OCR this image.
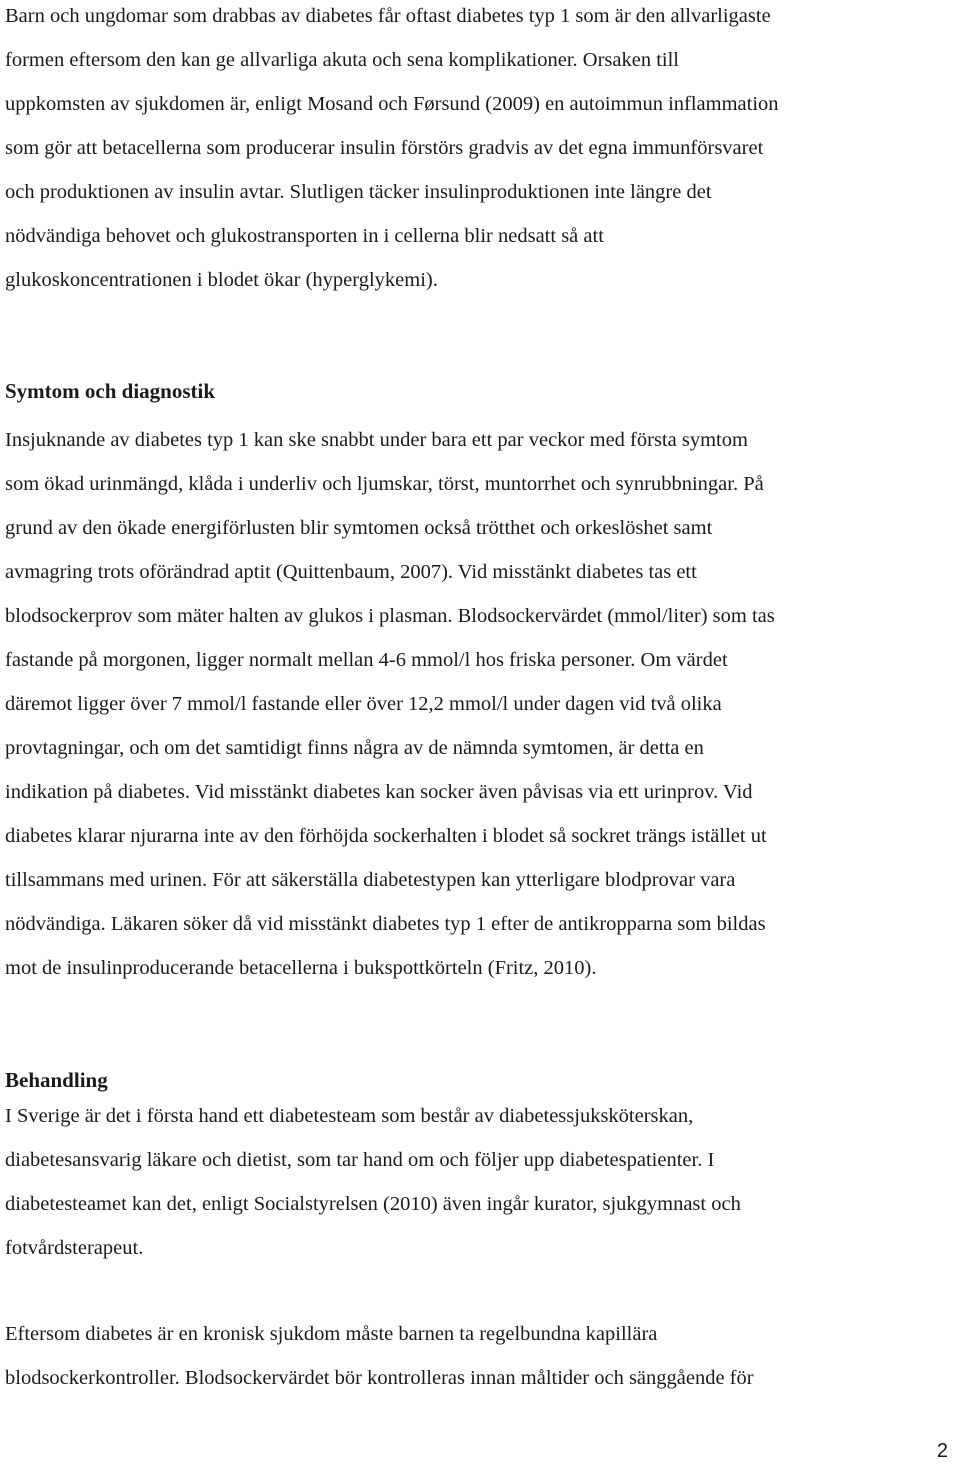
Barn och ungdomar som drabbas av diabetes får oftast diabetes typ 1 som är den allvarligaste
formen eftersom den kan ge allvarliga akuta och sena komplikationer. Orsaken till
uppkomsten av sjukdomen är, enligt Mosand och Førsund (2009) en autoimmun inflammation
som gör att betacellerna som producerar insulin förstörs gradvis av det egna immunförsvaret
och produktionen av insulin avtar. Slutligen täcker insulinproduktionen inte längre det
nödvändiga behovet och glukostransporten in i cellerna blir nedsatt så att
glukoskoncentrationen i blodet ökar (hyperglykemi).
Symtom och diagnostik
Insjuknande av diabetes typ 1 kan ske snabbt under bara ett par veckor med första symtom
som ökad urinmängd, klåda i underliv och ljumskar, törst, muntorrhet och synrubbningar. På
grund av den ökade energiförlusten blir symtomen också trötthet och orkeslöshet samt
avmagring trots oförändrad aptit (Quittenbaum, 2007). Vid misstänkt diabetes tas ett
blodsockerprov som mäter halten av glukos i plasman. Blodsockervärdet (mmol/liter) som tas
fastande på morgonen, ligger normalt mellan 4-6 mmol/l hos friska personer. Om värdet
däremot ligger över 7 mmol/l fastande eller över 12,2 mmol/l under dagen vid två olika
provtagningar, och om det samtidigt finns några av de nämnda symtomen, är detta en
indikation på diabetes. Vid misstänkt diabetes kan socker även påvisas via ett urinprov. Vid
diabetes klarar njurarna inte av den förhöjda sockerhalten i blodet så sockret trängs istället ut
tillsammans med urinen. För att säkerställa diabetestypen kan ytterligare blodprovar vara
nödvändiga. Läkaren söker då vid misstänkt diabetes typ 1 efter de antikropparna som bildas
mot de insulinproducerande betacellerna i bukspottkörteln (Fritz, 2010).
Behandling
I Sverige är det i första hand ett diabetesteam som består av diabetessjuksköterskan,
diabetesansvarig läkare och dietist, som tar hand om och följer upp diabetespatienter. I
diabetesteamet kan det, enligt Socialstyrelsen (2010) även ingår kurator, sjukgymnast och
fotvårdsterapeut.
Eftersom diabetes är en kronisk sjukdom måste barnen ta regelbundna kapillära
blodsockerkontroller. Blodsockervärdet bör kontrolleras innan måltider och sänggående för
2
